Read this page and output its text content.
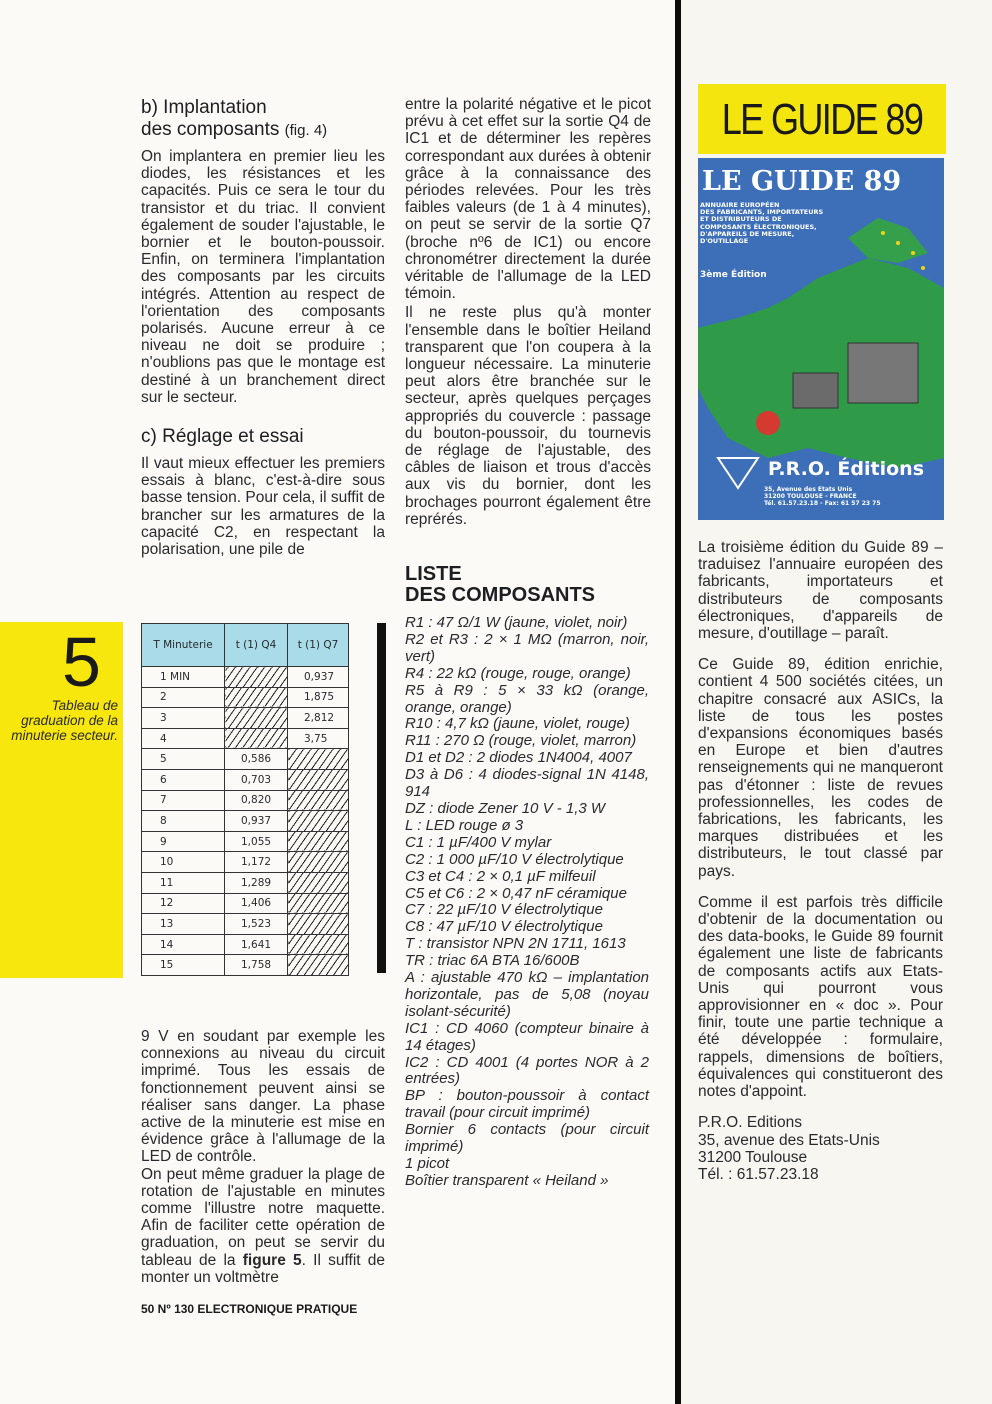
b) Implantation
des composants (fig. 4)

On implantera en premier lieu les diodes, les résistances et les capacités. Puis ce sera le tour du transistor et du triac. Il convient également de souder l'ajustable, le bornier et le bouton-poussoir. Enfin, on terminera l'implantation des composants par les circuits intégrés. Attention au respect de l'orientation des composants polarisés. Aucune erreur à ce niveau ne doit se produire ; n'oublions pas que le montage est destiné à un branchement direct sur le secteur.

c) Réglage et essai

Il vaut mieux effectuer les premiers essais à blanc, c'est-à-dire sous basse tension. Pour cela, il suffit de brancher sur les armatures de la capacité C2, en respectant la polarisation, une pile de

5
Tableau de graduation de la minuterie secteur.
T Minuterie	t (1) Q4	t (1) Q7
1 MIN		0,937
2		1,875
3		2,812
4		3,75
5	0,586	
6	0,703	
7	0,820	
8	0,937	
9	1,055	
10	1,172	
11	1,289	
12	1,406	
13	1,523	
14	1,641	
15	1,758	

9 V en soudant par exemple les connexions au niveau du circuit imprimé. Tous les essais de fonctionnement peuvent ainsi se réaliser sans danger. La phase active de la minuterie est mise en évidence grâce à l'allumage de la LED de contrôle.

On peut même graduer la plage de rotation de l'ajustable en minutes comme l'illustre notre maquette. Afin de faciliter cette opération de graduation, on peut se servir du tableau de la figure 5. Il suffit de monter un voltmètre

entre la polarité négative et le picot prévu à cet effet sur la sortie Q4 de IC1 et de déterminer les repères correspondant aux durées à obtenir grâce à la connaissance des périodes relevées. Pour les très faibles valeurs (de 1 à 4 minutes), on peut se servir de la sortie Q7 (broche nº6 de IC1) ou encore chronométrer directement la durée véritable de l'allumage de la LED témoin.

Il ne reste plus qu'à monter l'ensemble dans le boîtier Heiland transparent que l'on coupera à la longueur nécessaire. La minuterie peut alors être branchée sur le secteur, après quelques perçages appropriés du couvercle : passage du bouton-poussoir, du tournevis de réglage de l'ajustable, des câbles de liaison et trous d'accès aux vis du bornier, dont les brochages pourront également être reprérés.

LISTE
DES COMPOSANTS

R1 : 47 Ω/1 W (jaune, violet, noir)

R2 et R3 : 2 × 1 MΩ (marron, noir, vert)

R4 : 22 kΩ (rouge, rouge, orange)

R5 à R9 : 5 × 33 kΩ (orange, orange, orange)

R10 : 4,7 kΩ (jaune, violet, rouge)

R11 : 270 Ω (rouge, violet, marron)

D1 et D2 : 2 diodes 1N4004, 4007

D3 à D6 : 4 diodes-signal 1N 4148, 914

DZ : diode Zener 10 V - 1,3 W

L : LED rouge ø 3

C1 : 1 µF/400 V mylar

C2 : 1 000 µF/10 V électrolytique

C3 et C4 : 2 × 0,1 µF milfeuil

C5 et C6 : 2 × 0,47 nF céramique

C7 : 22 µF/10 V électrolytique

C8 : 47 µF/10 V électrolytique

T : transistor NPN 2N 1711, 1613

TR : triac 6A BTA 16/600B

A : ajustable 470 kΩ – implantation horizontale, pas de 5,08 (noyau isolant-sécurité)

IC1 : CD 4060 (compteur binaire à 14 étages)

IC2 : CD 4001 (4 portes NOR à 2 entrées)

BP : bouton-poussoir à contact travail (pour circuit imprimé)

Bornier 6 contacts (pour circuit imprimé)

1 picot

Boîtier transparent « Heiland »

50 Nº 130 ELECTRONIQUE PRATIQUE
LE GUIDE 89
LE GUIDE 89
ANNUAIRE EUROPÉEN
DES FABRICANTS, IMPORTATEURS
ET DISTRIBUTEURS DE
COMPOSANTS ÉLECTRONIQUES,
D'APPAREILS DE MESURE,
D'OUTILLAGE
3ème Édition
P.R.O. Éditions
35, Avenue des Etats Unis
31200 TOULOUSE - FRANCE
Tél. 61.57.23.18 - Fax: 61 57 23 75

La troisième édition du Guide 89 – traduisez l'annuaire européen des fabricants, importateurs et distributeurs de composants électroniques, d'appareils de mesure, d'outillage – paraît.

Ce Guide 89, édition enrichie, contient 4 500 sociétés citées, un chapitre consacré aux ASICs, la liste de tous les postes d'expansions économiques basés en Europe et bien d'autres renseignements qui ne manqueront pas d'étonner : liste de revues professionnelles, les codes de fabrications, les fabricants, les marques distribuées et les distributeurs, le tout classé par pays.

Comme il est parfois très difficile d'obtenir de la documentation ou des data-books, le Guide 89 fournit également une liste de fabricants de composants actifs aux Etats-Unis qui pourront vous approvisionner en « doc ». Pour finir, toute une partie technique a été développée : formulaire, rappels, dimensions de boîtiers, équivalences qui constitueront des notes d'appoint.

P.R.O. Editions
35, avenue des Etats-Unis
31200 Toulouse
Tél. : 61.57.23.18
